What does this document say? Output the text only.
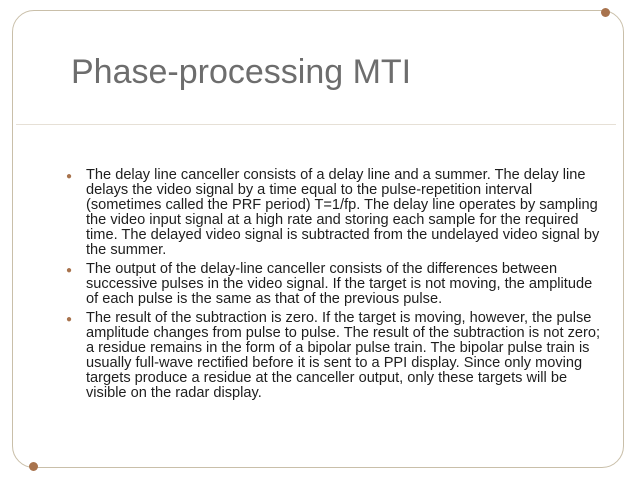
Phase-processing MTI
● The delay line canceller consists of a delay line and a summer. The delay line delays the video signal by a time equal to the pulse-repetition interval (sometimes called the PRF period) T=1/fp. The delay line operates by sampling the video input signal at a high rate and storing each sample for the required time. The delayed video signal is subtracted from the undelayed video signal by the summer.
● The output of the delay-line canceller consists of the differences between successive pulses in the video signal. If the target is not moving, the amplitude of each pulse is the same as that of the previous pulse.
● The result of the subtraction is zero. If the target is moving, however, the pulse amplitude changes from pulse to pulse. The result of the subtraction is not zero; a residue remains in the form of a bipolar pulse train. The bipolar pulse train is usually full-wave rectified before it is sent to a PPI display. Since only moving targets produce a residue at the canceller output, only these targets will be visible on the radar display.
